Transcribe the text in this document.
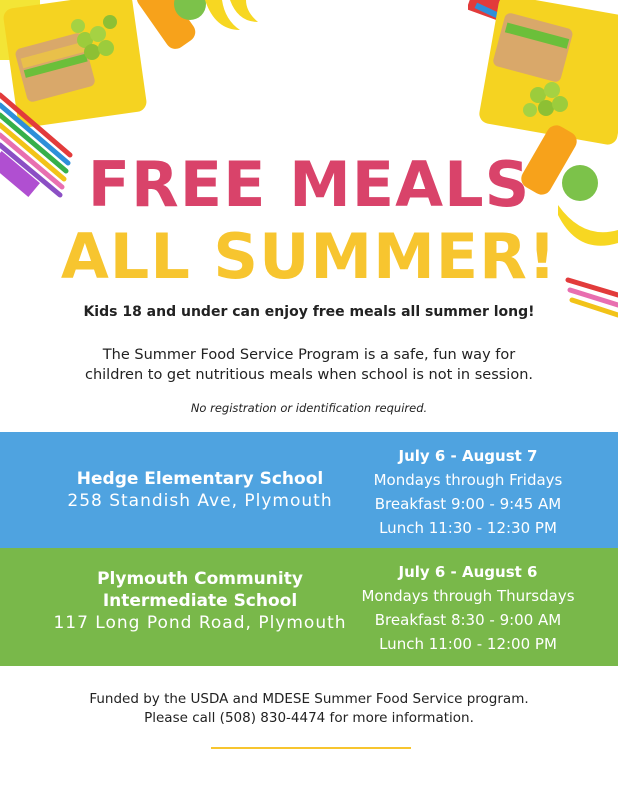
FREE MEALS
ALL SUMMER!
Kids 18 and under can enjoy free meals all summer long!
The Summer Food Service Program is a safe, fun way for
children to get nutritious meals when school is not in session.
No registration or identification required.

Hedge Elementary School

258 Standish Ave, Plymouth

July 6 - August 7

Mondays through Fridays

Breakfast 9:00 - 9:45 AM

Lunch 11:30 - 12:30 PM

Plymouth Community

Intermediate School

117 Long Pond Road, Plymouth

July 6 - August 6

Mondays through Thursdays

Breakfast 8:30 - 9:00 AM

Lunch 11:00 - 12:00 PM

Funded by the USDA and MDESE Summer Food Service program.
Please call (508) 830-4474 for more information.
